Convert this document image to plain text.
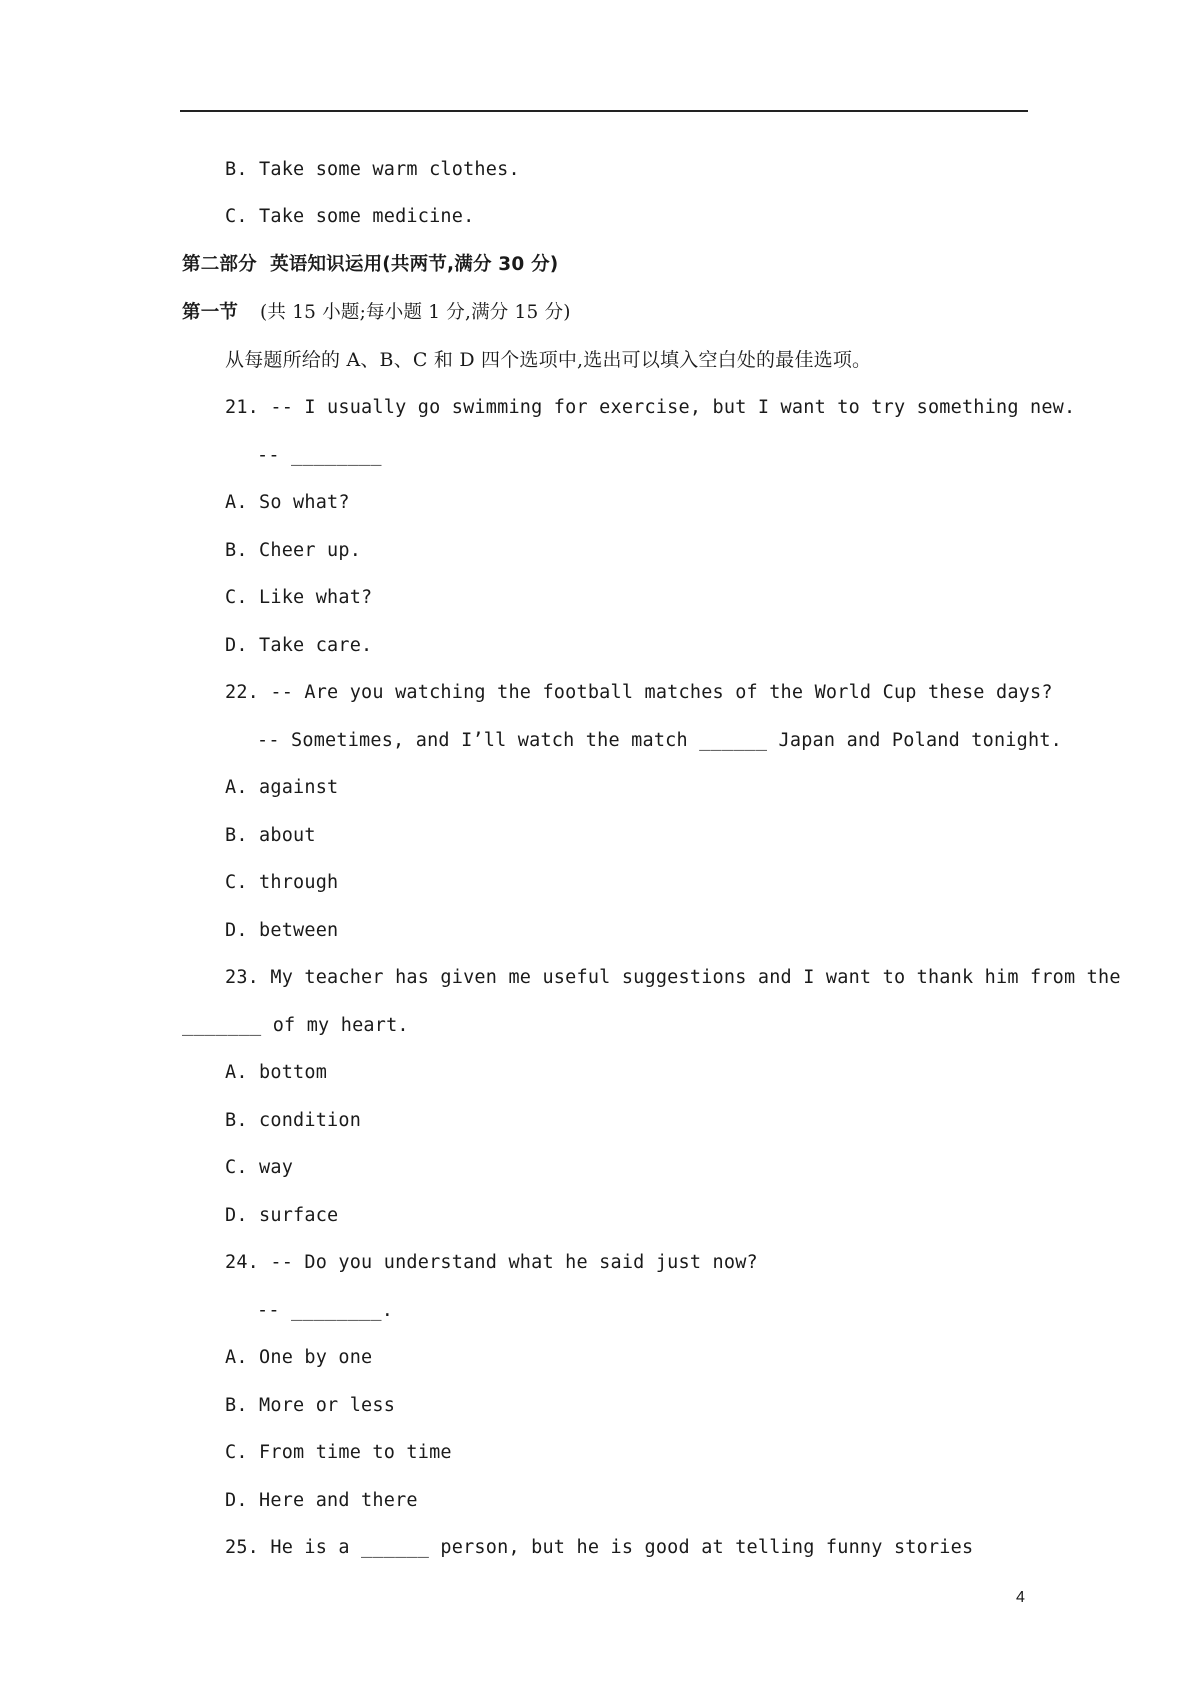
B. Take some warm clothes.
C. Take some medicine.
第二部分  英语知识运用(共两节,满分 30 分)
第一节 (共 15 小题;每小题 1 分,满分 15 分)
从每题所给的 A、B、C 和 D 四个选项中,选出可以填入空白处的最佳选项。
21. -- I usually go swimming for exercise, but I want to try something new.
-- ________
A. So what?
B. Cheer up.
C. Like what?
D. Take care.
22. -- Are you watching the football matches of the World Cup these days?
-- Sometimes, and I’ll watch the match ______ Japan and Poland tonight.
A. against
B. about
C. through
D. between
23. My teacher has given me useful suggestions and I want to thank him from the
_______ of my heart.
A. bottom
B. condition
C. way
D. surface
24. -- Do you understand what he said just now?
-- ________.
A. One by one
B. More or less
C. From time to time
D. Here and there
25. He is a ______ person, but he is good at telling funny stories
4
